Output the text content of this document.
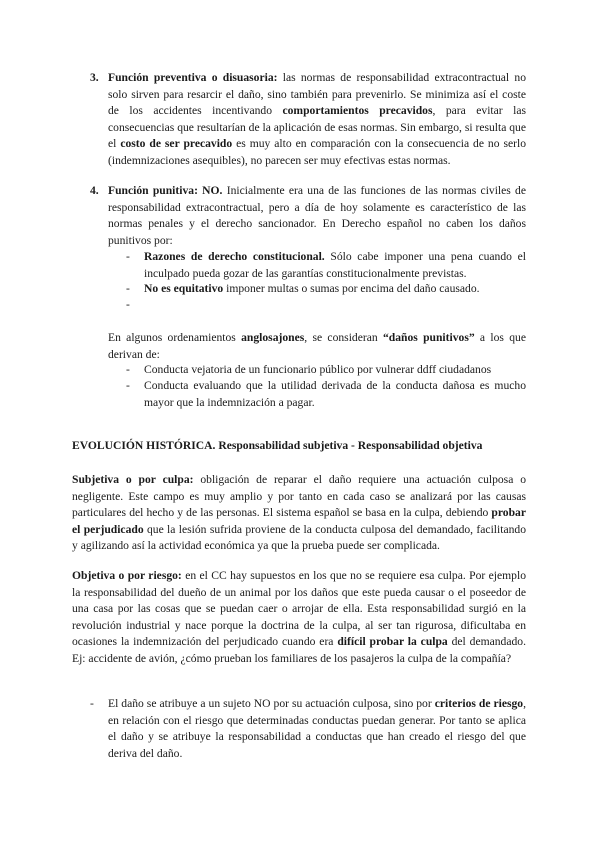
3. Función preventiva o disuasoria: las normas de responsabilidad extracontractual no solo sirven para resarcir el daño, sino también para prevenirlo. Se minimiza así el coste de los accidentes incentivando comportamientos precavidos, para evitar las consecuencias que resultarían de la aplicación de esas normas. Sin embargo, si resulta que el costo de ser precavido es muy alto en comparación con la consecuencia de no serlo (indemnizaciones asequibles), no parecen ser muy efectivas estas normas.

4. Función punitiva: NO. Inicialmente era una de las funciones de las normas civiles de responsabilidad extracontractual, pero a día de hoy solamente es característico de las normas penales y el derecho sancionador. En Derecho español no caben los daños punitivos por:

- Razones de derecho constitucional. Sólo cabe imponer una pena cuando el inculpado pueda gozar de las garantías constitucionalmente previstas.

- No es equitativo imponer multas o sumas por encima del daño causado.

-

En algunos ordenamientos anglosajones, se consideran “daños punitivos” a los que derivan de:

- Conducta vejatoria de un funcionario público por vulnerar ddff ciudadanos

- Conducta evaluando que la utilidad derivada de la conducta dañosa es mucho mayor que la indemnización a pagar.

EVOLUCIÓN HISTÓRICA. Responsabilidad subjetiva - Responsabilidad objetiva

Subjetiva o por culpa: obligación de reparar el daño requiere una actuación culposa o negligente. Este campo es muy amplio y por tanto en cada caso se analizará por las causas particulares del hecho y de las personas. El sistema español se basa en la culpa, debiendo probar el perjudicado que la lesión sufrida proviene de la conducta culposa del demandado, facilitando y agilizando así la actividad económica ya que la prueba puede ser complicada.

Objetiva o por riesgo: en el CC hay supuestos en los que no se requiere esa culpa. Por ejemplo la responsabilidad del dueño de un animal por los daños que este pueda causar o el poseedor de una casa por las cosas que se puedan caer o arrojar de ella. Esta responsabilidad surgió en la revolución industrial y nace porque la doctrina de la culpa, al ser tan rigurosa, dificultaba en ocasiones la indemnización del perjudicado cuando era difícil probar la culpa del demandado. Ej: accidente de avión, ¿cómo prueban los familiares de los pasajeros la culpa de la compañía?

- El daño se atribuye a un sujeto NO por su actuación culposa, sino por criterios de riesgo, en relación con el riesgo que determinadas conductas puedan generar. Por tanto se aplica el daño y se atribuye la responsabilidad a conductas que han creado el riesgo del que deriva del daño.
